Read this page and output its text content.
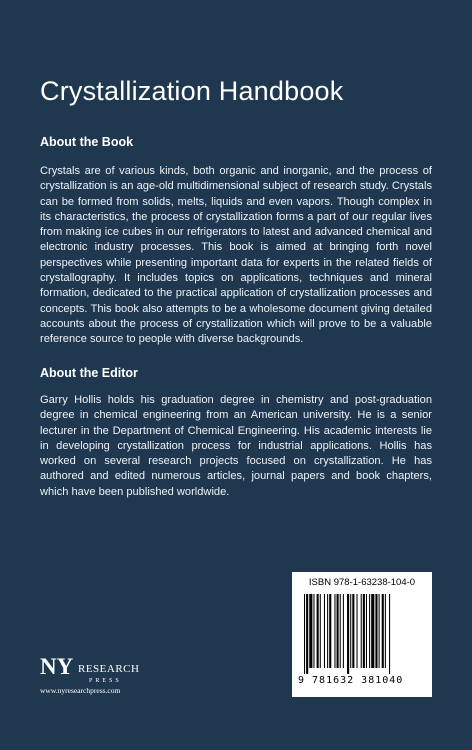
Crystallization Handbook
About the Book

Crystals are of various kinds, both organic and inorganic, and the process of crystallization is an age-old multidimensional subject of research study. Crystals can be formed from solids, melts, liquids and even vapors. Though complex in its characteristics, the process of crystallization forms a part of our regular lives from making ice cubes in our refrigerators to latest and advanced chemical and electronic industry processes. This book is aimed at bringing forth novel perspectives while presenting important data for experts in the related fields of crystallography. It includes topics on applications, techniques and mineral formation, dedicated to the practical application of crystallization processes and concepts. This book also attempts to be a wholesome document giving detailed accounts about the process of crystallization which will prove to be a valuable reference source to people with diverse backgrounds.

About the Editor

Garry Hollis holds his graduation degree in chemistry and post-graduation degree in chemical engineering from an American university. He is a senior lecturer in the Department of Chemical Engineering. His academic interests lie in developing crystallization process for industrial applications. Hollis has worked on several research projects focused on crystallization. He has authored and edited numerous articles, journal papers and book chapters, which have been published worldwide.

ISBN 978-1-63238-104-0
9 781632 381040
NY RESEARCH
PRESS
www.nyresearchpress.com
